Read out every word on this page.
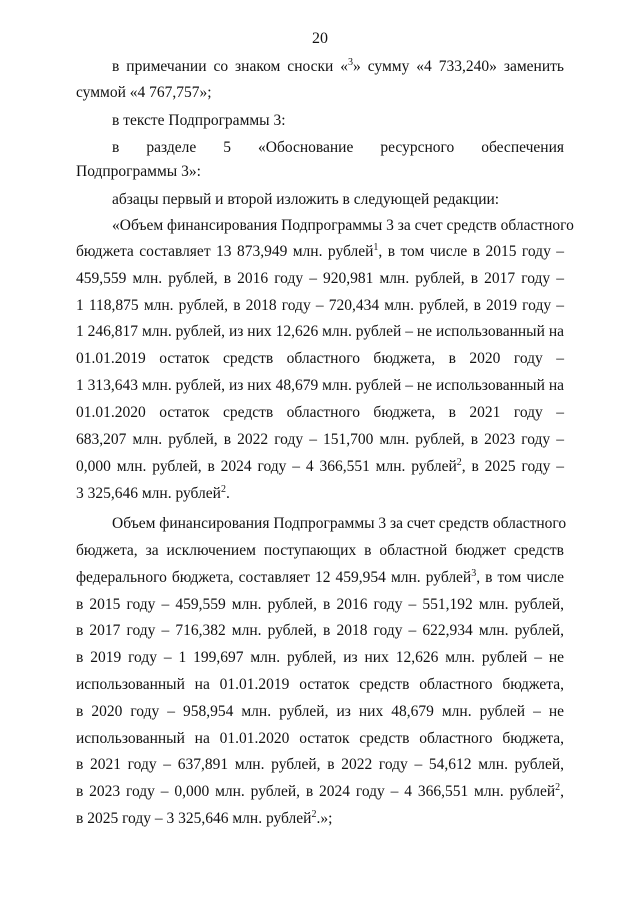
20
в примечании со знаком сноски «$^3$» сумму «4 733,240» заменить
суммой «4 767,757»;
в тексте Подпрограммы 3:
в разделе 5 «Обоснование ресурсного обеспечения
Подпрограммы 3»:
абзацы первый и второй изложить в следующей редакции:
«Объем финансирования Подпрограммы 3 за счет средств областного
бюджета составляет 13 873,949 млн. рублей$^1$, в том числе в 2015 году –
459,559 млн. рублей, в 2016 году – 920,981 млн. рублей, в 2017 году –
1 118,875 млн. рублей, в 2018 году – 720,434 млн. рублей, в 2019 году –
1 246,817 млн. рублей, из них 12,626 млн. рублей – не использованный на
01.01.2019 остаток средств областного бюджета, в 2020 году –
1 313,643 млн. рублей, из них 48,679 млн. рублей – не использованный на
01.01.2020 остаток средств областного бюджета, в 2021 году –
683,207 млн. рублей, в 2022 году – 151,700 млн. рублей, в 2023 году –
0,000 млн. рублей, в 2024 году – 4 366,551 млн. рублей$^2$, в 2025 году –
3 325,646 млн. рублей$^2$.
Объем финансирования Подпрограммы 3 за счет средств областного
бюджета, за исключением поступающих в областной бюджет средств
федерального бюджета, составляет 12 459,954 млн. рублей$^3$, в том числе
в 2015 году – 459,559 млн. рублей, в 2016 году – 551,192 млн. рублей,
в 2017 году – 716,382 млн. рублей, в 2018 году – 622,934 млн. рублей,
в 2019 году – 1 199,697 млн. рублей, из них 12,626 млн. рублей – не
использованный на 01.01.2019 остаток средств областного бюджета,
в 2020 году – 958,954 млн. рублей, из них 48,679 млн. рублей – не
использованный на 01.01.2020 остаток средств областного бюджета,
в 2021 году – 637,891 млн. рублей, в 2022 году – 54,612 млн. рублей,
в 2023 году – 0,000 млн. рублей, в 2024 году – 4 366,551 млн. рублей$^2$,
в 2025 году – 3 325,646 млн. рублей$^2$.»;
